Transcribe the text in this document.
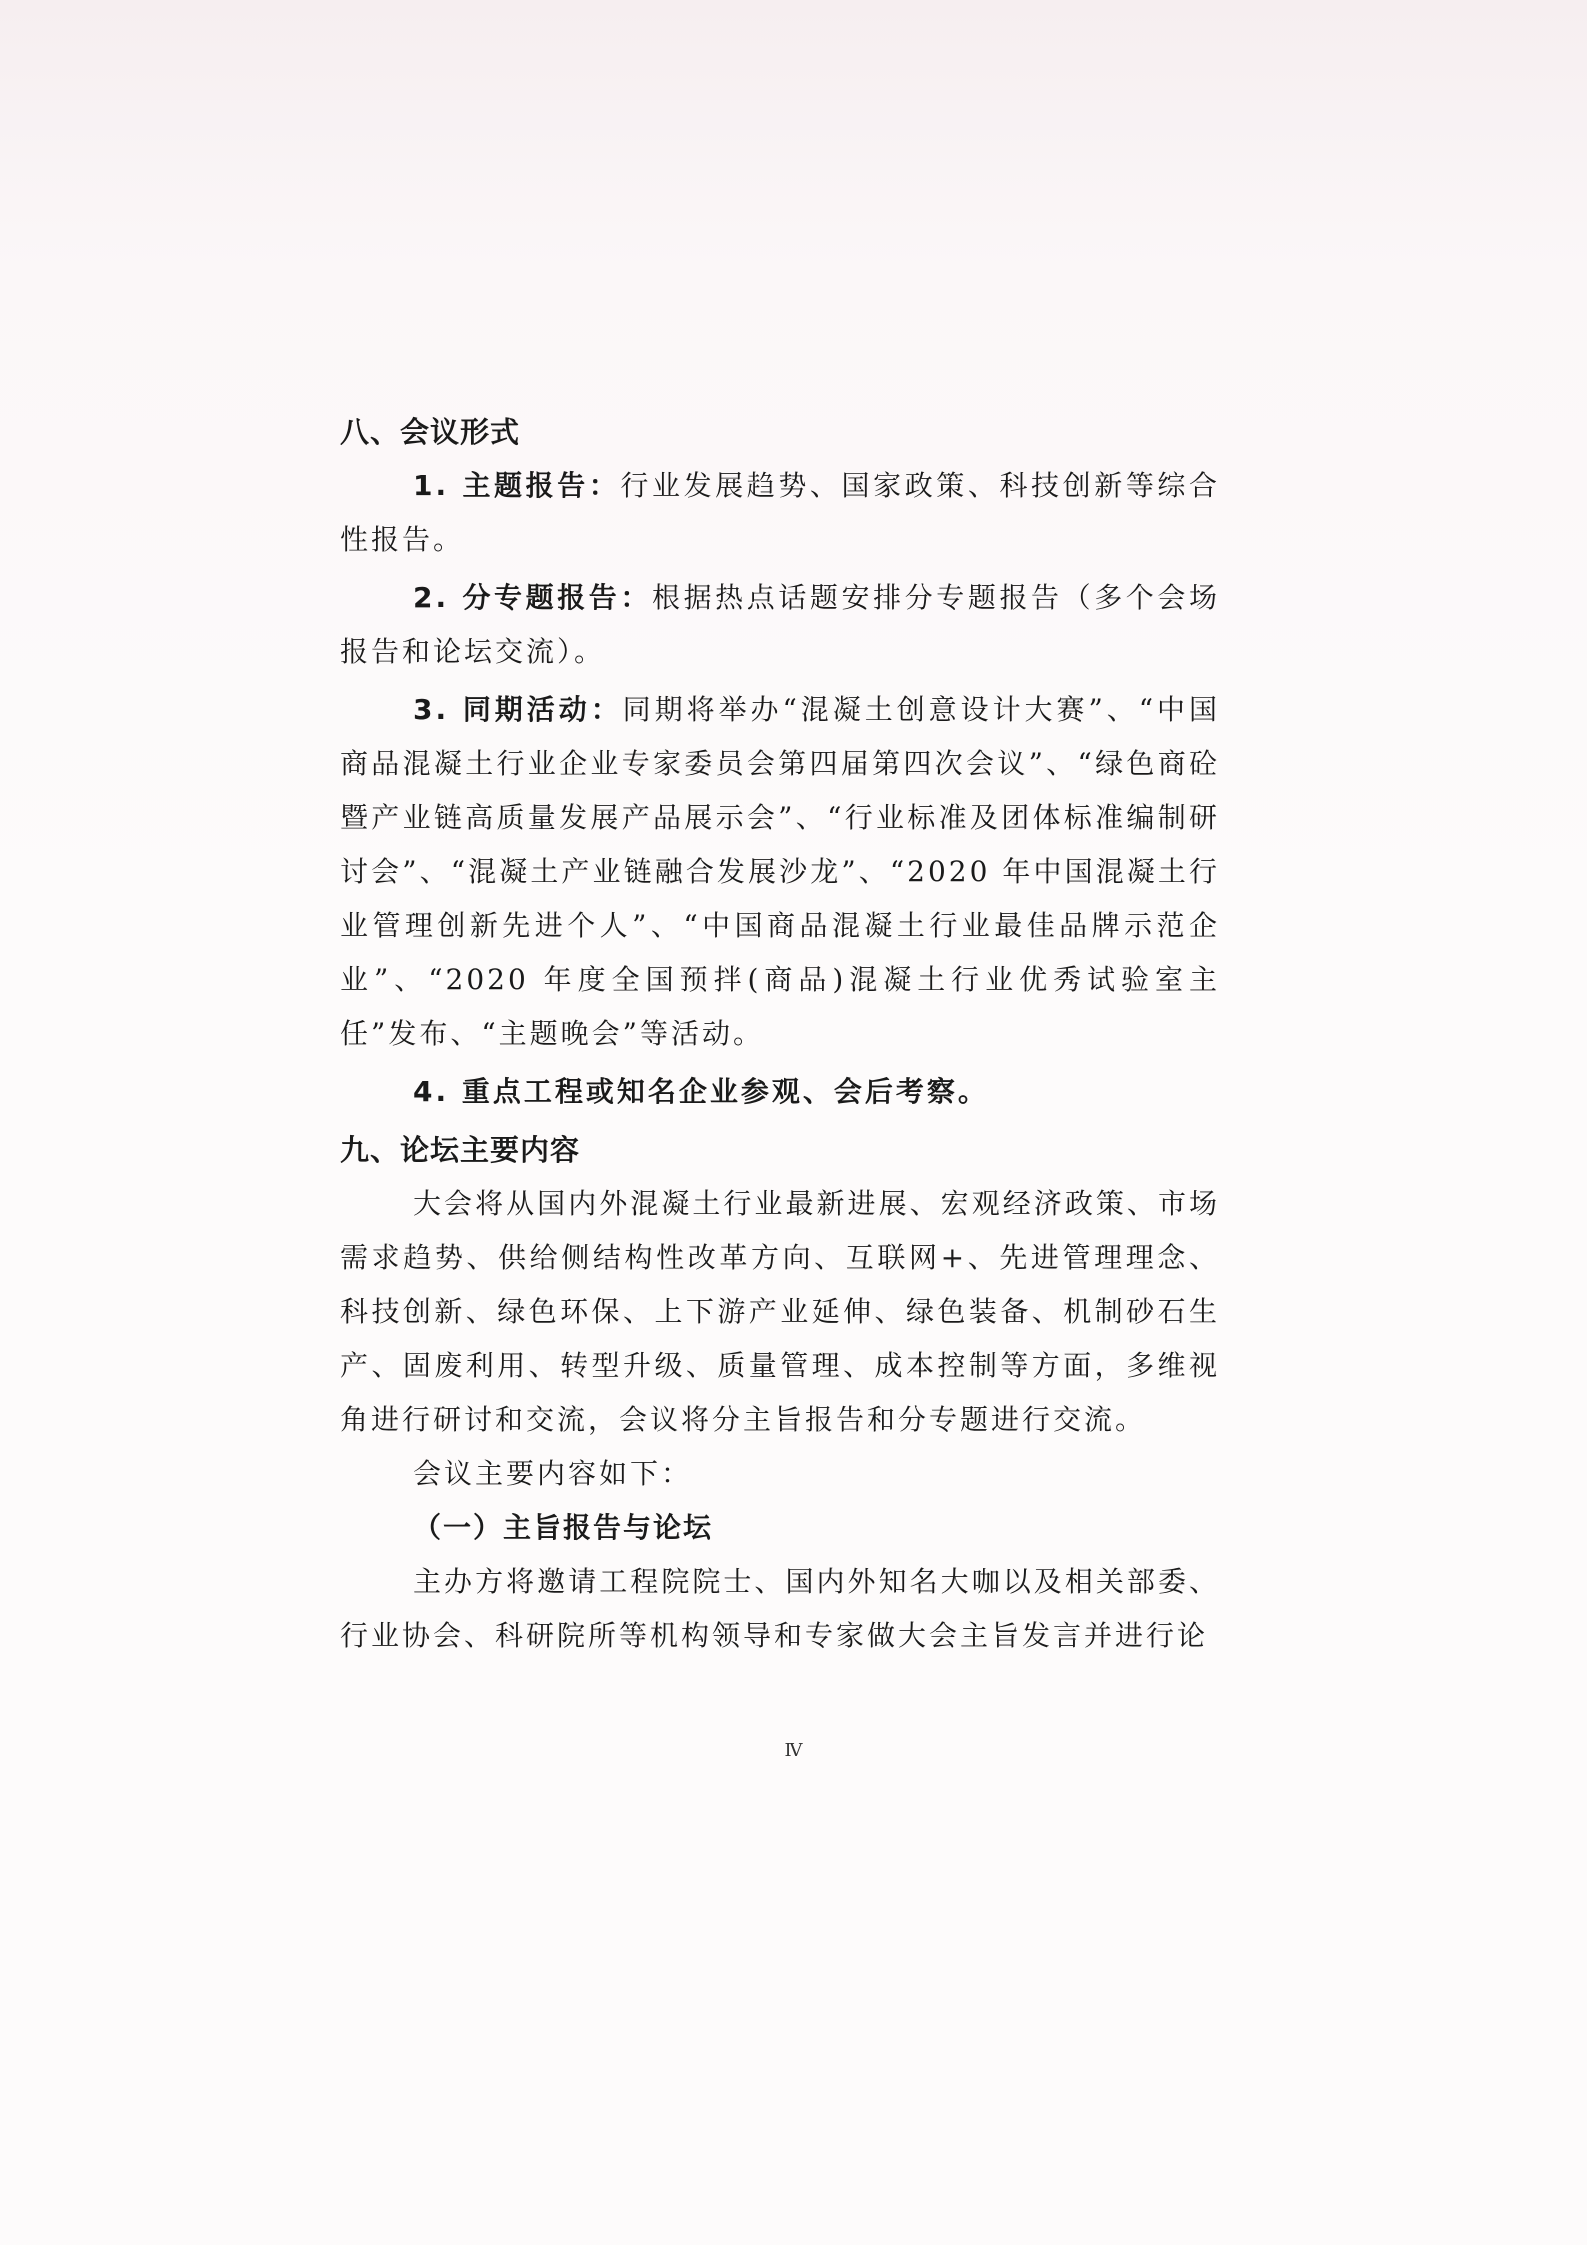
八、会议形式

1. 主题报告：行业发展趋势、国家政策、科技创新等综合性报告。

2. 分专题报告：根据热点话题安排分专题报告（多个会场报告和论坛交流）。

3. 同期活动：同期将举办“混凝土创意设计大赛”、“中国商品混凝土行业企业专家委员会第四届第四次会议”、“绿色商砼暨产业链高质量发展产品展示会”、“行业标准及团体标准编制研讨会”、“混凝土产业链融合发展沙龙”、“2020 年中国混凝土行业管理创新先进个人”、“中国商品混凝土行业最佳品牌示范企业”、“2020 年度全国预拌(商品)混凝土行业优秀试验室主任”发布、“主题晚会”等活动。

4. 重点工程或知名企业参观、会后考察。

九、论坛主要内容

大会将从国内外混凝土行业最新进展、宏观经济政策、市场需求趋势、供给侧结构性改革方向、互联网+、先进管理理念、科技创新、绿色环保、上下游产业延伸、绿色装备、机制砂石生产、固废利用、转型升级、质量管理、成本控制等方面，多维视角进行研讨和交流，会议将分主旨报告和分专题进行交流。

会议主要内容如下：

（一）主旨报告与论坛

主办方将邀请工程院院士、国内外知名大咖以及相关部委、行业协会、科研院所等机构领导和专家做大会主旨发言并进行论

Ⅳ
